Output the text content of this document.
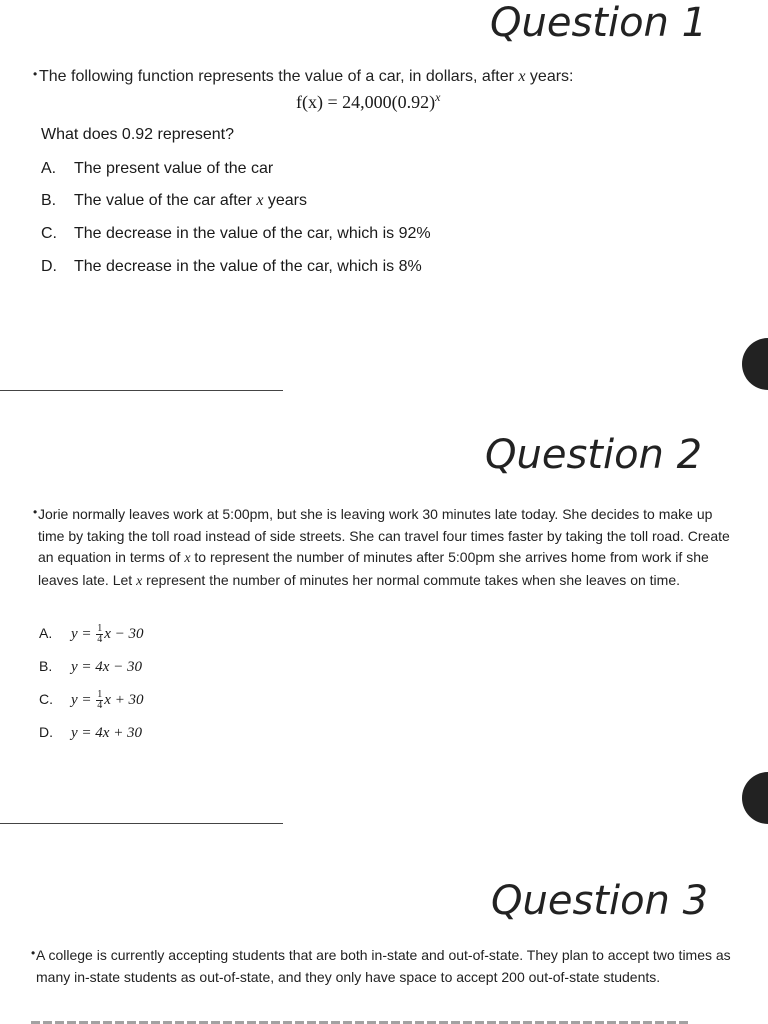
Question 1
• The following function represents the value of a car, in dollars, after x years:
$f(x) = 24,000(0.92)^x$
What does 0.92 represent?
A. The present value of the car
B. The value of the car after x years
C. The decrease in the value of the car, which is 92%
D. The decrease in the value of the car, which is 8%
Question 2
• Jorie normally leaves work at 5:00pm, but she is leaving work 30 minutes late today. She decides to make up time by taking the toll road instead of side streets. She can travel four times faster by taking the toll road. Create an equation in terms of x to represent the number of minutes after 5:00pm she arrives home from work if she leaves late. Let x represent the number of minutes her normal commute takes when she leaves on time.
A. $y = \frac{1}{4}$ x − 30
B. y = 4x − 30
C. $y = \frac{1}{4}$ x + 30
D. y = 4x + 30
Question 3
• A college is currently accepting students that are both in-state and out-of-state. They plan to accept two times as many in-state students as out-of-state, and they only have space to accept 200 out-of-state students.
